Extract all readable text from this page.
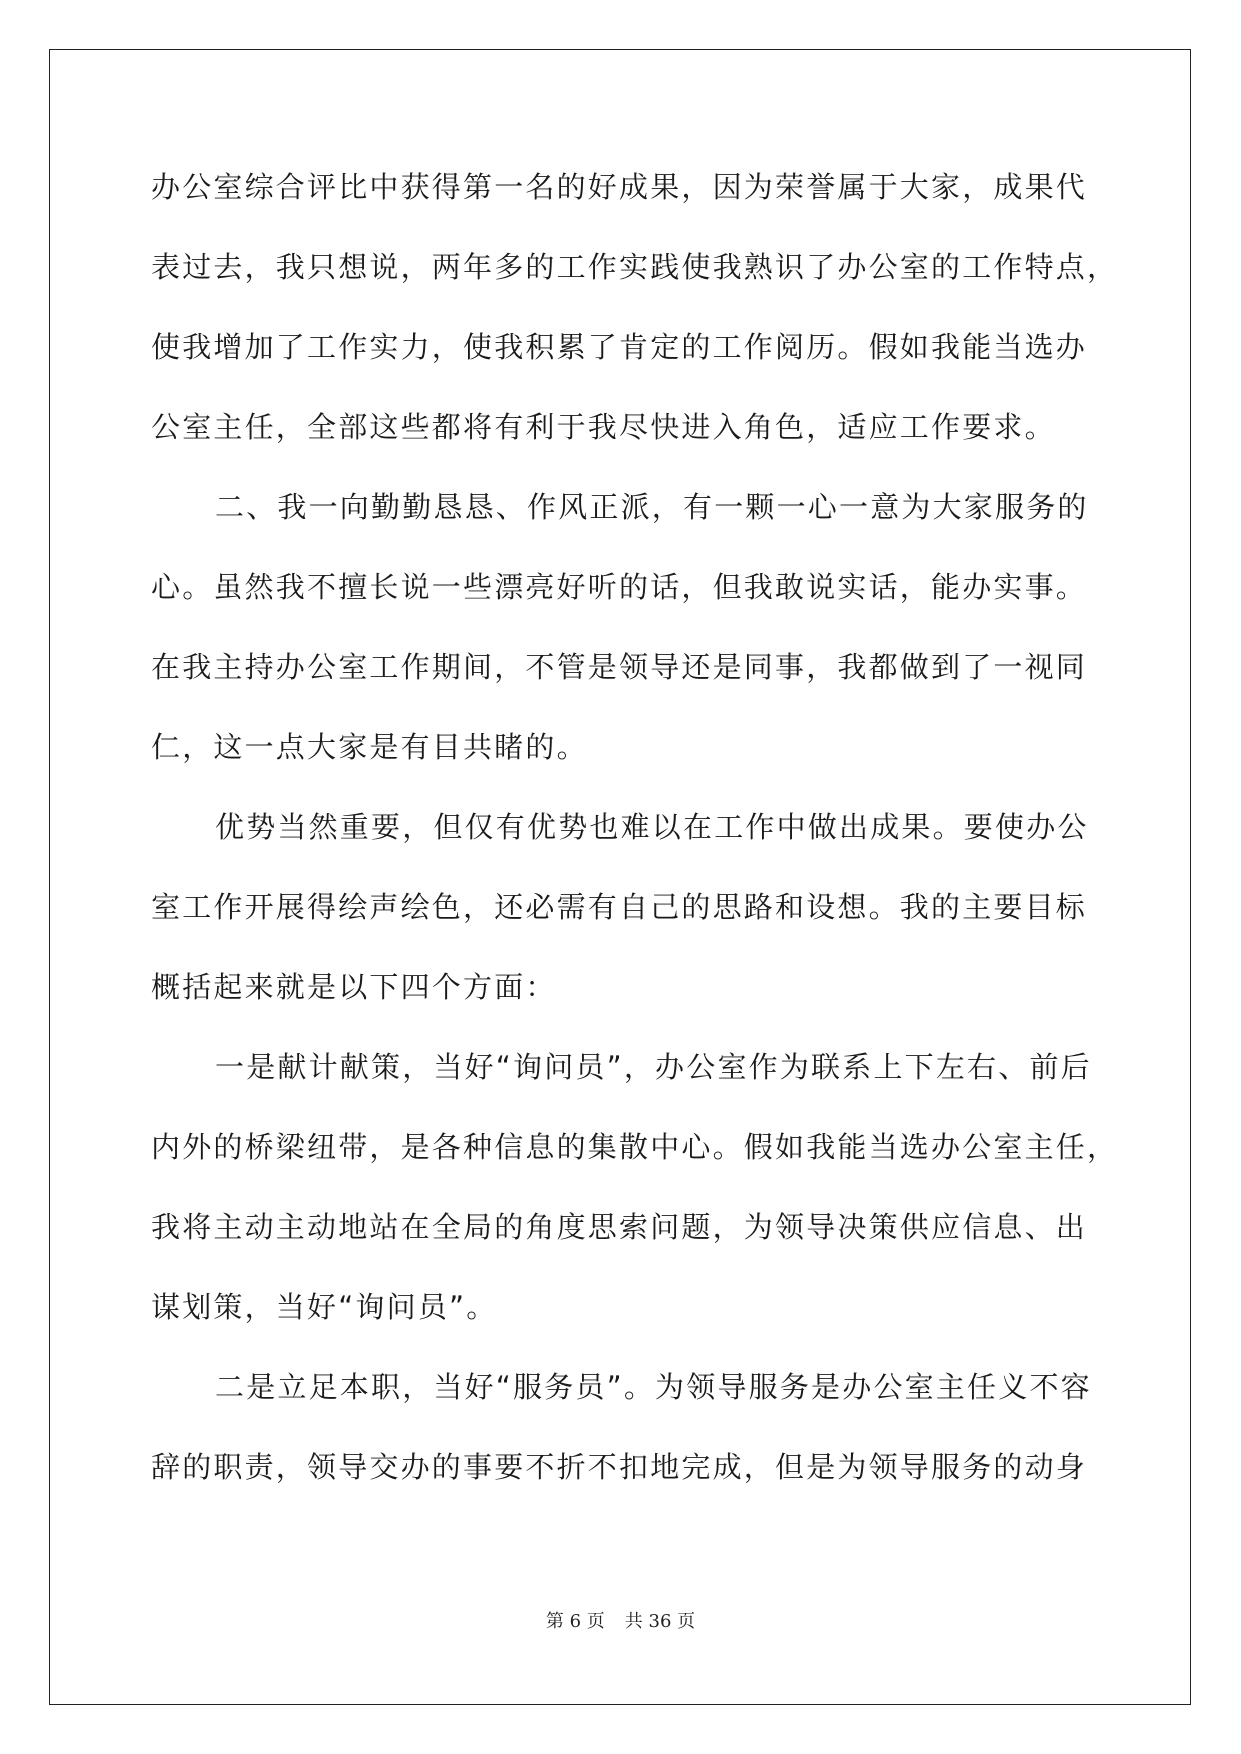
办公室综合评比中获得第一名的好成果，因为荣誉属于大家，成果代
表过去，我只想说，两年多的工作实践使我熟识了办公室的工作特点，
使我增加了工作实力，使我积累了肯定的工作阅历。假如我能当选办
公室主任，全部这些都将有利于我尽快进入角色，适应工作要求。
二、我一向勤勤恳恳、作风正派，有一颗一心一意为大家服务的
心。虽然我不擅长说一些漂亮好听的话，但我敢说实话，能办实事。
在我主持办公室工作期间，不管是领导还是同事，我都做到了一视同
仁，这一点大家是有目共睹的。
优势当然重要，但仅有优势也难以在工作中做出成果。要使办公
室工作开展得绘声绘色，还必需有自己的思路和设想。我的主要目标
概括起来就是以下四个方面：
一是献计献策，当好“询问员”，办公室作为联系上下左右、前后
内外的桥梁纽带，是各种信息的集散中心。假如我能当选办公室主任，
我将主动主动地站在全局的角度思索问题，为领导决策供应信息、出
谋划策，当好“询问员”。
二是立足本职，当好“服务员”。为领导服务是办公室主任义不容
辞的职责，领导交办的事要不折不扣地完成，但是为领导服务的动身
第 6 页 共 36 页
